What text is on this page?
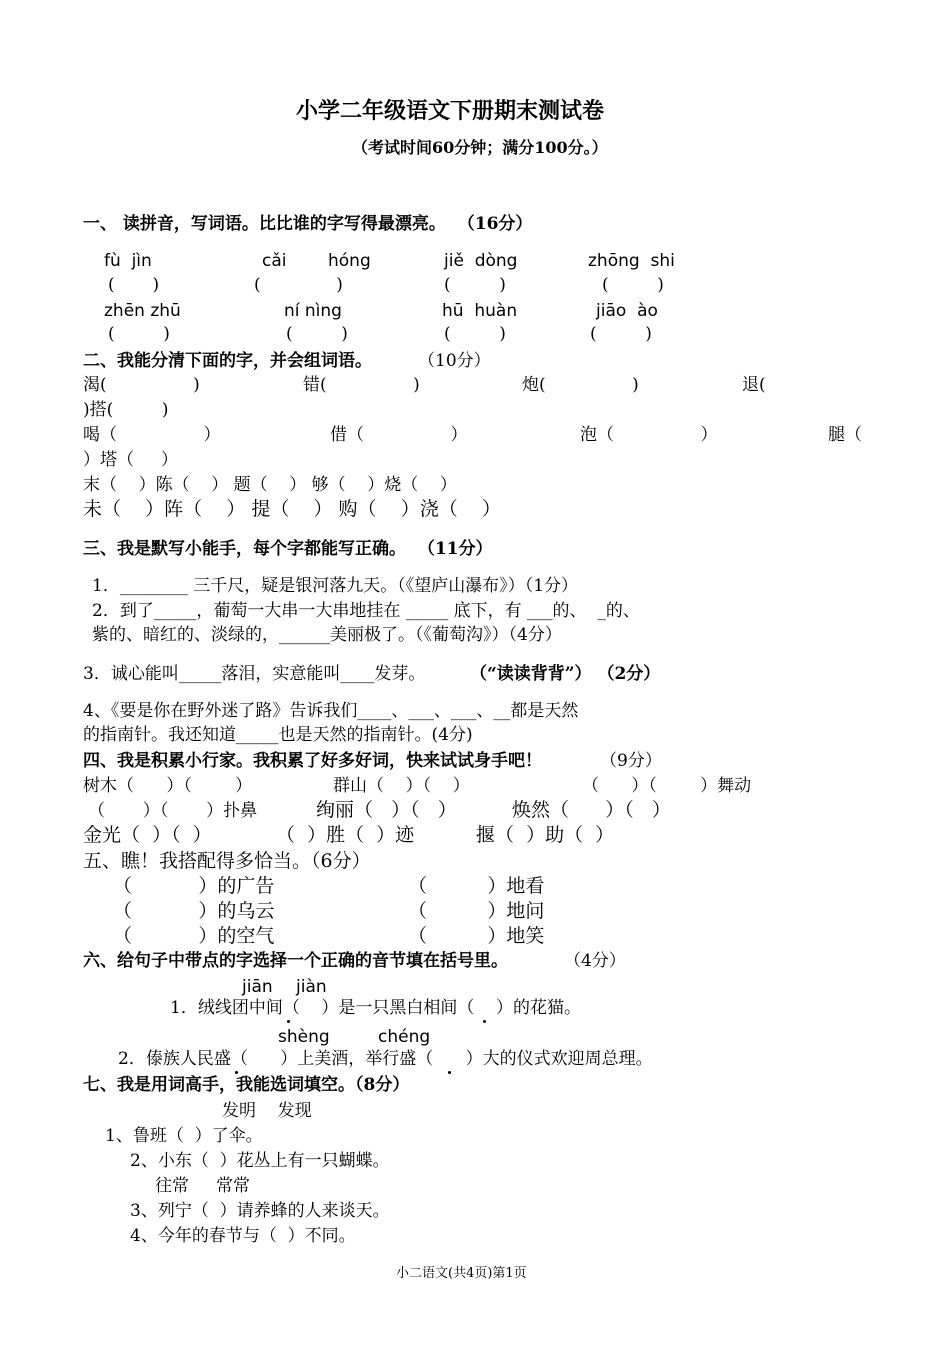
小学二年级语文下册期末测试卷
（考试时间60分钟；满分100分。）
一、 读拼音，写词语。比比谁的字写得最漂亮。  （16分）
fù  jìn	cǎi hóng	jiě  dòng	zhōng  shi
(       )	(              )	(         )	(         )
zhēn zhū	ní nìng	hū  huàn	jiāo  ào
(         )	(         )	(         )	(         )
二、我能分清下面的字，并会组词语。	（10分）
渴(                )	错(                )	炮(                )	退(
)搭(         )
喝（                ）	借（                ）	泡（                ）	腿（
）塔（     ）
末（    ）陈（    ） 题（    ） 够（    ）烧（    ）
未（    ）阵（    ） 提（    ） 购（    ）浇（    ）
三、我是默写小能手，每个字都能写正确。  （11分）
1．________ 三千尺，疑是银河落九天。（《望庐山瀑布》）（1分）
2．到了_____，葡萄一大串一大串地挂在 _____ 底下，有 ___的、  _的、
紫的、暗红的、淡绿的，______美丽极了。（《葡萄沟》）（4分）
3．诚心能叫_____落泪，实意能叫____发芽。	（“读读背背”） （2分）
4、《要是你在野外迷了路》告诉我们____、___、___、__都是天然
的指南针。我还知道_____也是天然的指南针。(4分)
四、我是积累小行家。我积累了好多好词，快来试试身手吧！	（9分）
树木（      ）（        ）	群山（    ）（    ）	（      ）（        ）舞动
（       ）（       ）扑鼻	绚丽（   ）（   ）	焕然（      ）（   ）
金光（  ）（  ）	（  ）胜（  ）迹	揠（  ）助（  ）
五、瞧！我搭配得多恰当。（6分）
（           ）的广告	（          ）地看
（           ）的乌云	（          ）地问
（           ）的空气	（          ）地笑
六、给句子中带点的字选择一个正确的音节填在括号里。	（4分）
jiān jiàn
1．绒线团中间（    ）是一只黑白相间（    ）的花猫。
shèng	chéng
2．傣族人民盛（      ）上美酒，举行盛（      ）大的仪式欢迎周总理。
七、我是用词高手，我能选词填空。（8分）
发明    发现
1、鲁班（  ）了伞。
2、小东（  ）花丛上有一只蝴蝶。
往常     常常
3、列宁（  ）请养蜂的人来谈天。
4、今年的春节与（  ）不同。
小二语文(共4页)第1页
